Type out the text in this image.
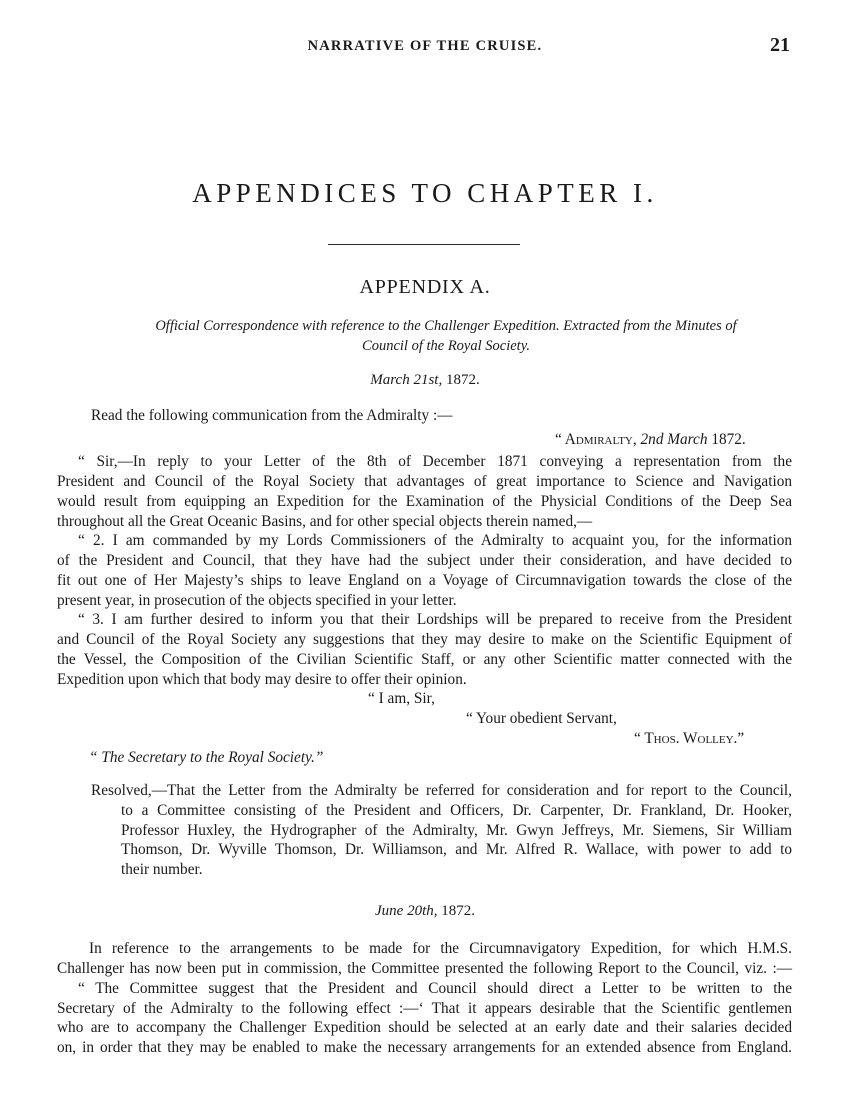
NARRATIVE OF THE CRUISE.	21
APPENDICES TO CHAPTER I.
APPENDIX A.
Official Correspondence with reference to the Challenger Expedition. Extracted from the Minutes of
Council of the Royal Society.
March 21st, 1872.
Read the following communication from the Admiralty :—
“ Admiralty, 2nd March 1872.
“ Sir,—In reply to your Letter of the 8th of December 1871 conveying a representation from the
President and Council of the Royal Society that advantages of great importance to Science and Navigation
would result from equipping an Expedition for the Examination of the Physicial Conditions of the Deep Sea
throughout all the Great Oceanic Basins, and for other special objects therein named,—
“ 2. I am commanded by my Lords Commissioners of the Admiralty to acquaint you, for the information
of the President and Council, that they have had the subject under their consideration, and have decided to
fit out one of Her Majesty’s ships to leave England on a Voyage of Circumnavigation towards the close of the
present year, in prosecution of the objects specified in your letter.
“ 3. I am further desired to inform you that their Lordships will be prepared to receive from the President
and Council of the Royal Society any suggestions that they may desire to make on the Scientific Equipment of
the Vessel, the Composition of the Civilian Scientific Staff, or any other Scientific matter connected with the
Expedition upon which that body may desire to offer their opinion.
“ I am, Sir,
“ Your obedient Servant,
“ Thos. Wolley.”
“ The Secretary to the Royal Society.”
Resolved,—That the Letter from the Admiralty be referred for consideration and for report to the Council,
to a Committee consisting of the President and Officers, Dr. Carpenter, Dr. Frankland, Dr. Hooker,
Professor Huxley, the Hydrographer of the Admiralty, Mr. Gwyn Jeffreys, Mr. Siemens, Sir William
Thomson, Dr. Wyville Thomson, Dr. Williamson, and Mr. Alfred R. Wallace, with power to add to
their number.
June 20th, 1872.
In reference to the arrangements to be made for the Circumnavigatory Expedition, for which H.M.S.
Challenger has now been put in commission, the Committee presented the following Report to the Council, viz. :—
“ The Committee suggest that the President and Council should direct a Letter to be written to the
Secretary of the Admiralty to the following effect :—‘ That it appears desirable that the Scientific gentlemen
who are to accompany the Challenger Expedition should be selected at an early date and their salaries decided
on, in order that they may be enabled to make the necessary arrangements for an extended absence from England.
